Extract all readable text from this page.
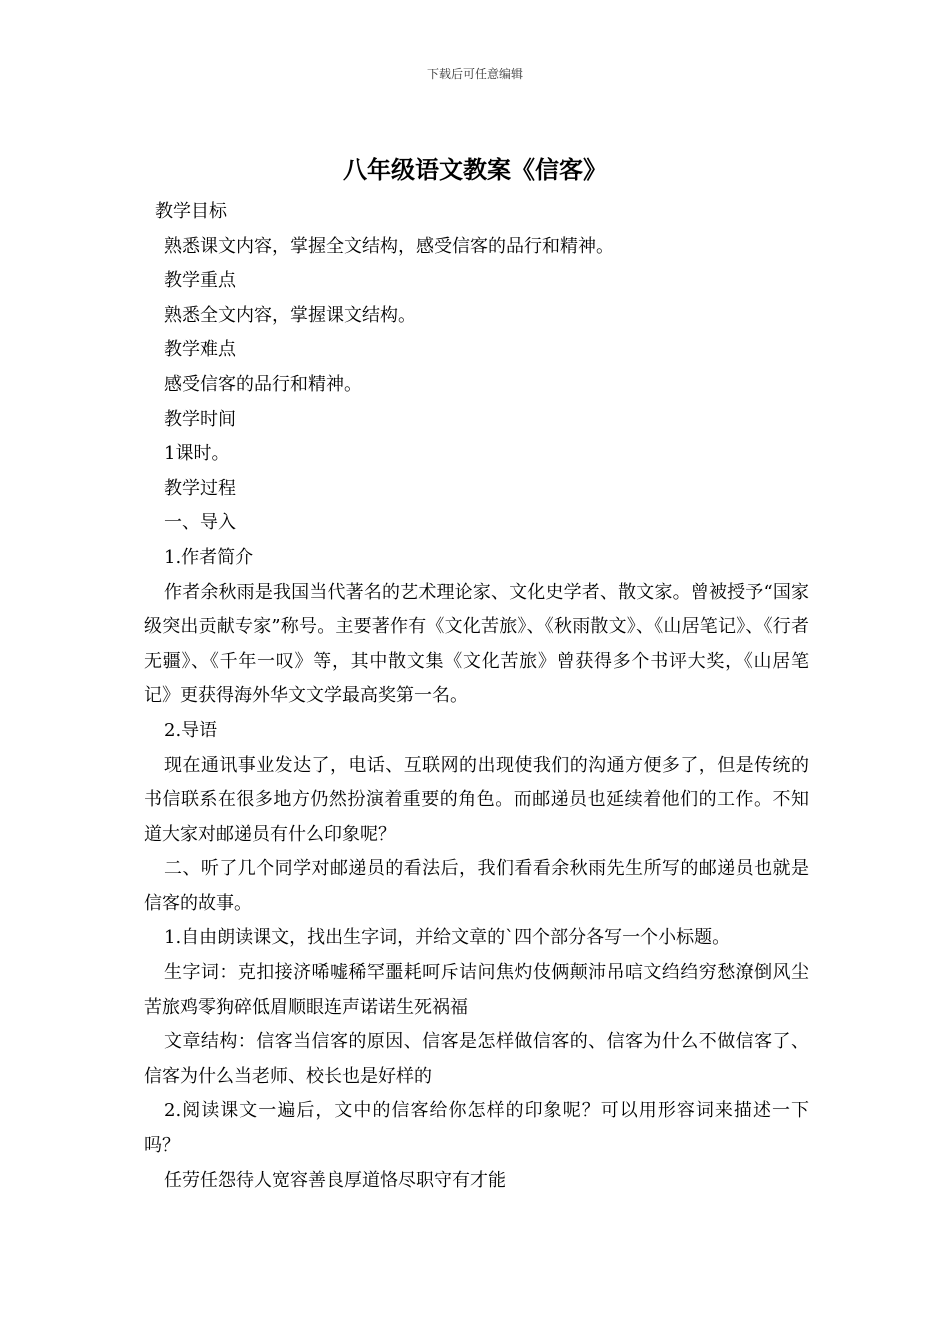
下载后可任意编辑
八年级语文教案《信客》

教学目标

熟悉课文内容，掌握全文结构，感受信客的品行和精神。

教学重点

熟悉全文内容，掌握课文结构。

教学难点

感受信客的品行和精神。

教学时间

1课时。

教学过程

一、导入

1.作者简介

作者余秋雨是我国当代著名的艺术理论家、文化史学者、散文家。曾被授予“国家级突出贡献专家”称号。主要著作有《文化苦旅》、《秋雨散文》、《山居笔记》、《行者无疆》、《千年一叹》等，其中散文集《文化苦旅》曾获得多个书评大奖，《山居笔记》更获得海外华文文学最高奖第一名。

2.导语

现在通讯事业发达了，电话、互联网的出现使我们的沟通方便多了，但是传统的书信联系在很多地方仍然扮演着重要的角色。而邮递员也延续着他们的工作。不知道大家对邮递员有什么印象呢？

二、听了几个同学对邮递员的看法后，我们看看余秋雨先生所写的邮递员也就是信客的故事。

1.自由朗读课文，找出生字词，并给文章的`四个部分各写一个小标题。

生字词：克扣接济唏嘘稀罕噩耗呵斥诘问焦灼伎俩颠沛吊唁文绉绉穷愁潦倒风尘苦旅鸡零狗碎低眉顺眼连声诺诺生死祸福

文章结构：信客当信客的原因、信客是怎样做信客的、信客为什么不做信客了、信客为什么当老师、校长也是好样的

2.阅读课文一遍后，文中的信客给你怎样的印象呢？可以用形容词来描述一下吗？

任劳任怨待人宽容善良厚道恪尽职守有才能
